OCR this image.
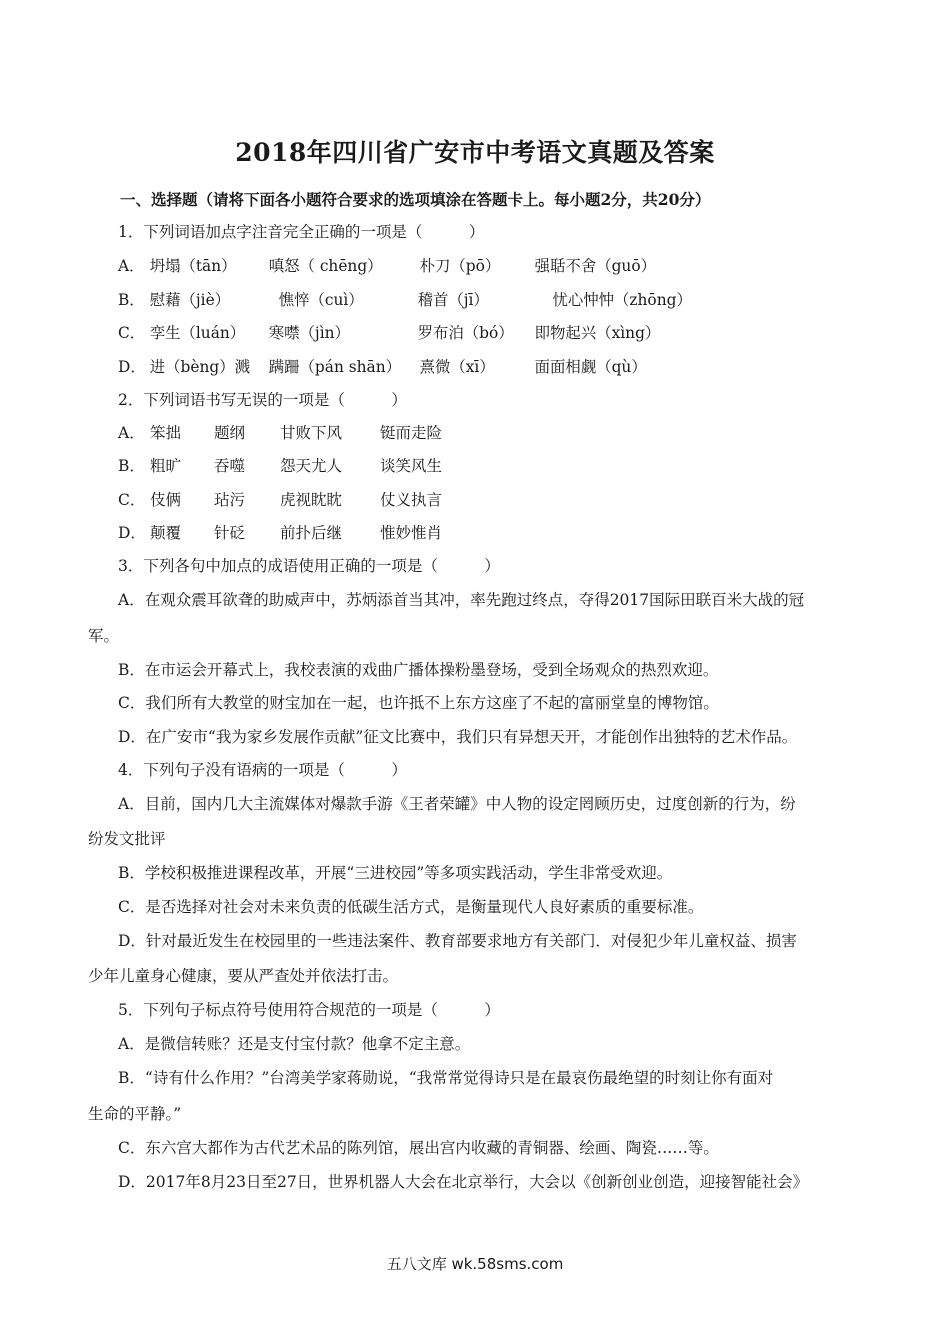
2018年四川省广安市中考语文真题及答案
一、选择题（请将下面各小题符合要求的选项填涂在答题卡上。每小题2分，共20分）
1．下列词语加点字注音完全正确的一项是（　　　）
A． 坍塌（tān） 嗔怒（ chēng） 朴刀（pō） 强聒不舍（guō）
B． 慰藉（jiè）	憔悴（cuì）	稽首（jī）	忧心忡忡（zhōng）
C． 孪生（luán） 寒噤（jìn）	罗布泊（bó） 即物起兴（xìng）
D． 进（bèng）溅 蹒跚（pán shān） 熹微（xī）	面面相觑（qù）
2．下列词语书写无误的一项是（　　　）
A． 笨拙 题纲 甘败下风 铤而走险
B． 粗旷 吞噬 怨天尤人 谈笑风生
C． 伎俩 玷污 虎视眈眈 仗义执言
D． 颠覆 针砭 前扑后继 惟妙惟肖
3．下列各句中加点的成语使用正确的一项是（　　　）
A．在观众震耳欲聋的助威声中，苏炳添首当其冲，率先跑过终点，夺得2017国际田联百米大战的冠
军。
B．在市运会开幕式上，我校表演的戏曲广播体操粉墨登场，受到全场观众的热烈欢迎。
C．我们所有大教堂的财宝加在一起，也许抵不上东方这座了不起的富丽堂皇的博物馆。
D．在广安市“我为家乡发展作贡献”征文比赛中，我们只有异想天开，才能创作出独特的艺术作品。
4．下列句子没有语病的一项是（　　　）
A．目前，国内几大主流媒体对爆款手游《王者荣罐》中人物的设定罔顾历史，过度创新的行为，纷
纷发文批评
B．学校积极推进课程改革，开展“三进校园”等多项实践活动，学生非常受欢迎。
C．是否选择对社会对未来负责的低碳生活方式，是衡量现代人良好素质的重要标准。
D．针对最近发生在校园里的一些违法案件、教育部要求地方有关部门．对侵犯少年儿童权益、损害
少年儿童身心健康，要从严查处并依法打击。
5．下列句子标点符号使用符合规范的一项是（　　　）
A．是微信转账？还是支付宝付款？他拿不定主意。
B．“诗有什么作用？”台湾美学家蒋勋说，“我常常觉得诗只是在最哀伤最绝望的时刻让你有面对
生命的平静。”
C．东六宫大都作为古代艺术品的陈列馆，展出宫内收藏的青铜器、绘画、陶瓷……等。
D．2017年8月23日至27日，世界机器人大会在北京举行，大会以《创新创业创造，迎接智能社会》
五八文库 wk.58sms.com
